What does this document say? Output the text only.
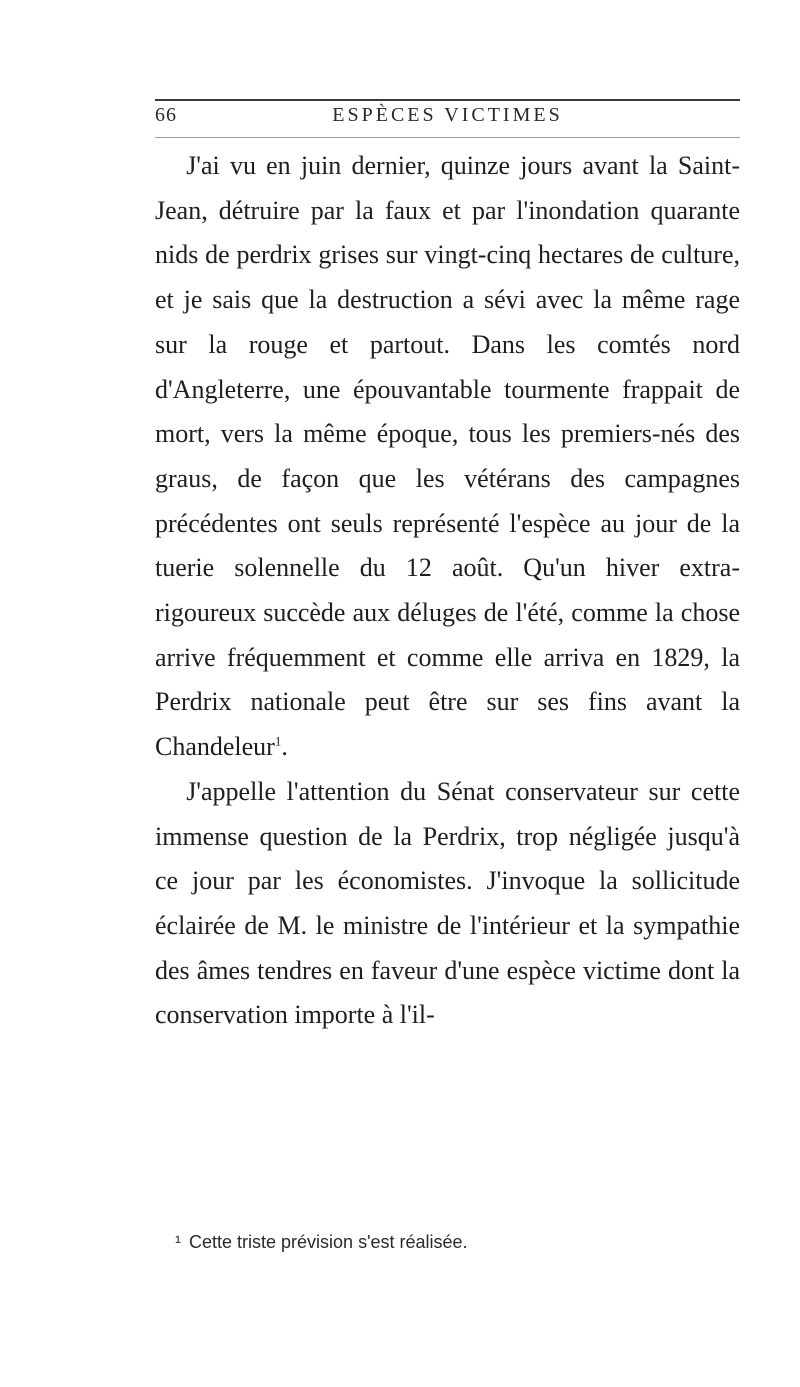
66	ESPÈCES VICTIMES

J'ai vu en juin dernier, quinze jours avant la Saint-Jean, détruire par la faux et par l'inondation quarante nids de perdrix grises sur vingt-cinq hectares de culture, et je sais que la destruction a sévi avec la même rage sur la rouge et partout. Dans les comtés nord d'Angleterre, une épouvantable tourmente frappait de mort, vers la même époque, tous les premiers-nés des graus, de façon que les vétérans des campagnes précédentes ont seuls représenté l'espèce au jour de la tuerie solennelle du 12 août. Qu'un hiver extra-rigoureux succède aux déluges de l'été, comme la chose arrive fréquemment et comme elle arriva en 1829, la Perdrix nationale peut être sur ses fins avant la Chandeleur$^1$.

J'appelle l'attention du Sénat conservateur sur cette immense question de la Perdrix, trop négligée jusqu'à ce jour par les économistes. J'invoque la sollicitude éclairée de M. le ministre de l'intérieur et la sympathie des âmes tendres en faveur d'une espèce victime dont la conservation importe à l'il-

¹ Cette triste prévision s'est réalisée.
